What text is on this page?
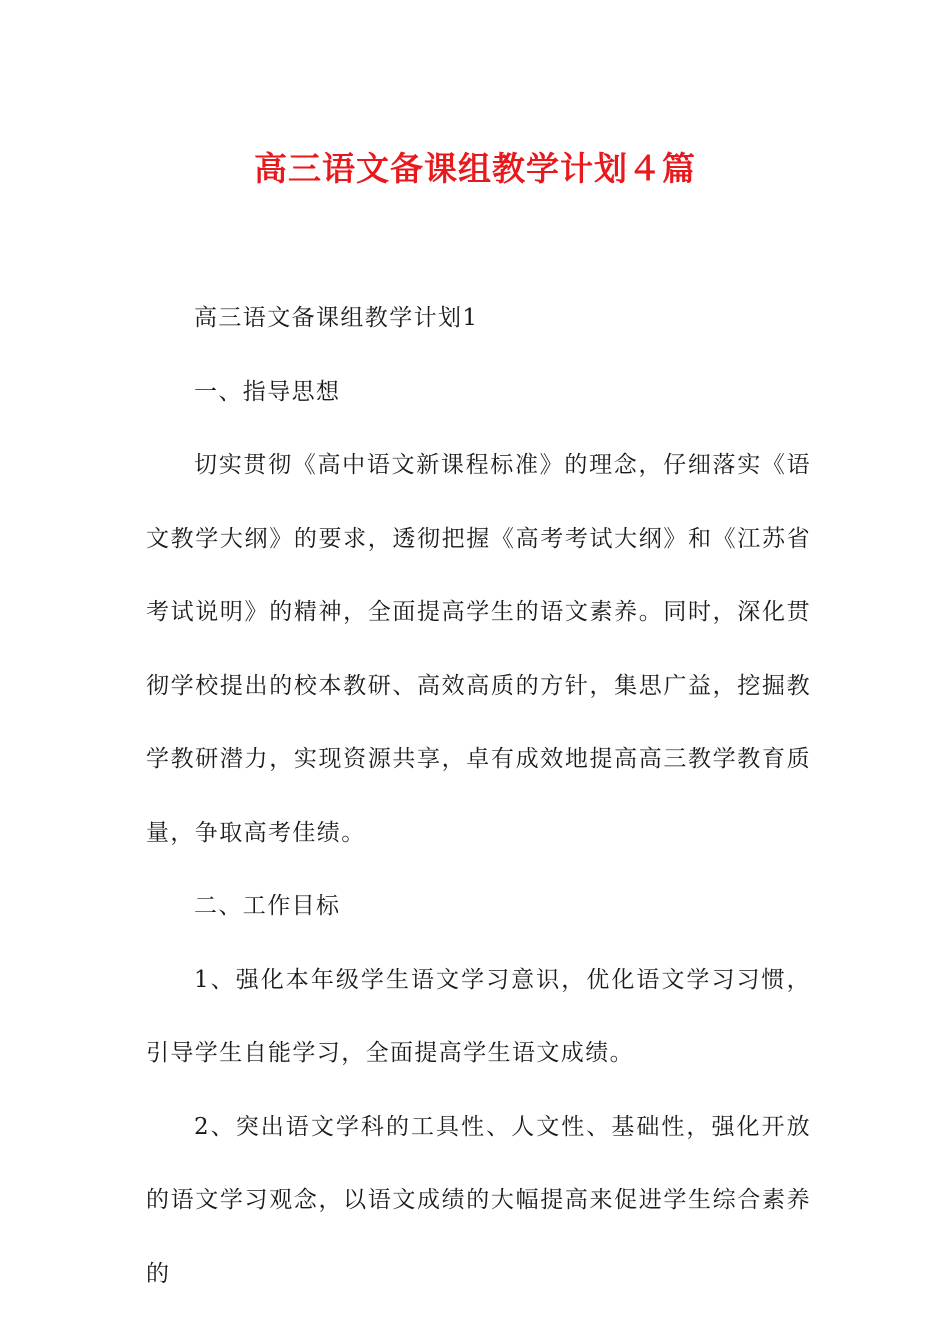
高三语文备课组教学计划４篇

高三语文备课组教学计划1

一、指导思想

切实贯彻《高中语文新课程标准》的理念，仔细落实《语文教学大纲》的要求，透彻把握《高考考试大纲》和《江苏省考试说明》的精神，全面提高学生的语文素养。同时，深化贯彻学校提出的校本教研、高效高质的方针，集思广益，挖掘教学教研潜力，实现资源共享，卓有成效地提高高三教学教育质量，争取高考佳绩。

二、工作目标

1、强化本年级学生语文学习意识，优化语文学习习惯，引导学生自能学习，全面提高学生语文成绩。

2、突出语文学科的工具性、人文性、基础性，强化开放的语文学习观念，以语文成绩的大幅提高来促进学生综合素养的
